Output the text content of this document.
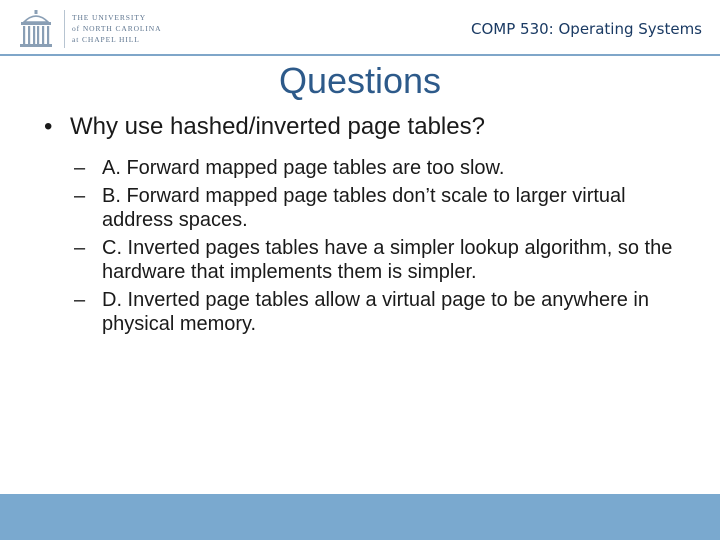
THE UNIVERSITY
of NORTH CAROLINA
at CHAPEL HILL
COMP 530: Operating Systems
Questions
• Why use hashed/inverted page tables?
– A. Forward mapped page tables are too slow.
– B. Forward mapped page tables don’t scale to larger virtual address spaces.
– C. Inverted pages tables have a simpler lookup algorithm, so the hardware that implements them is simpler.
– D. Inverted page tables allow a virtual page to be anywhere in physical memory.
